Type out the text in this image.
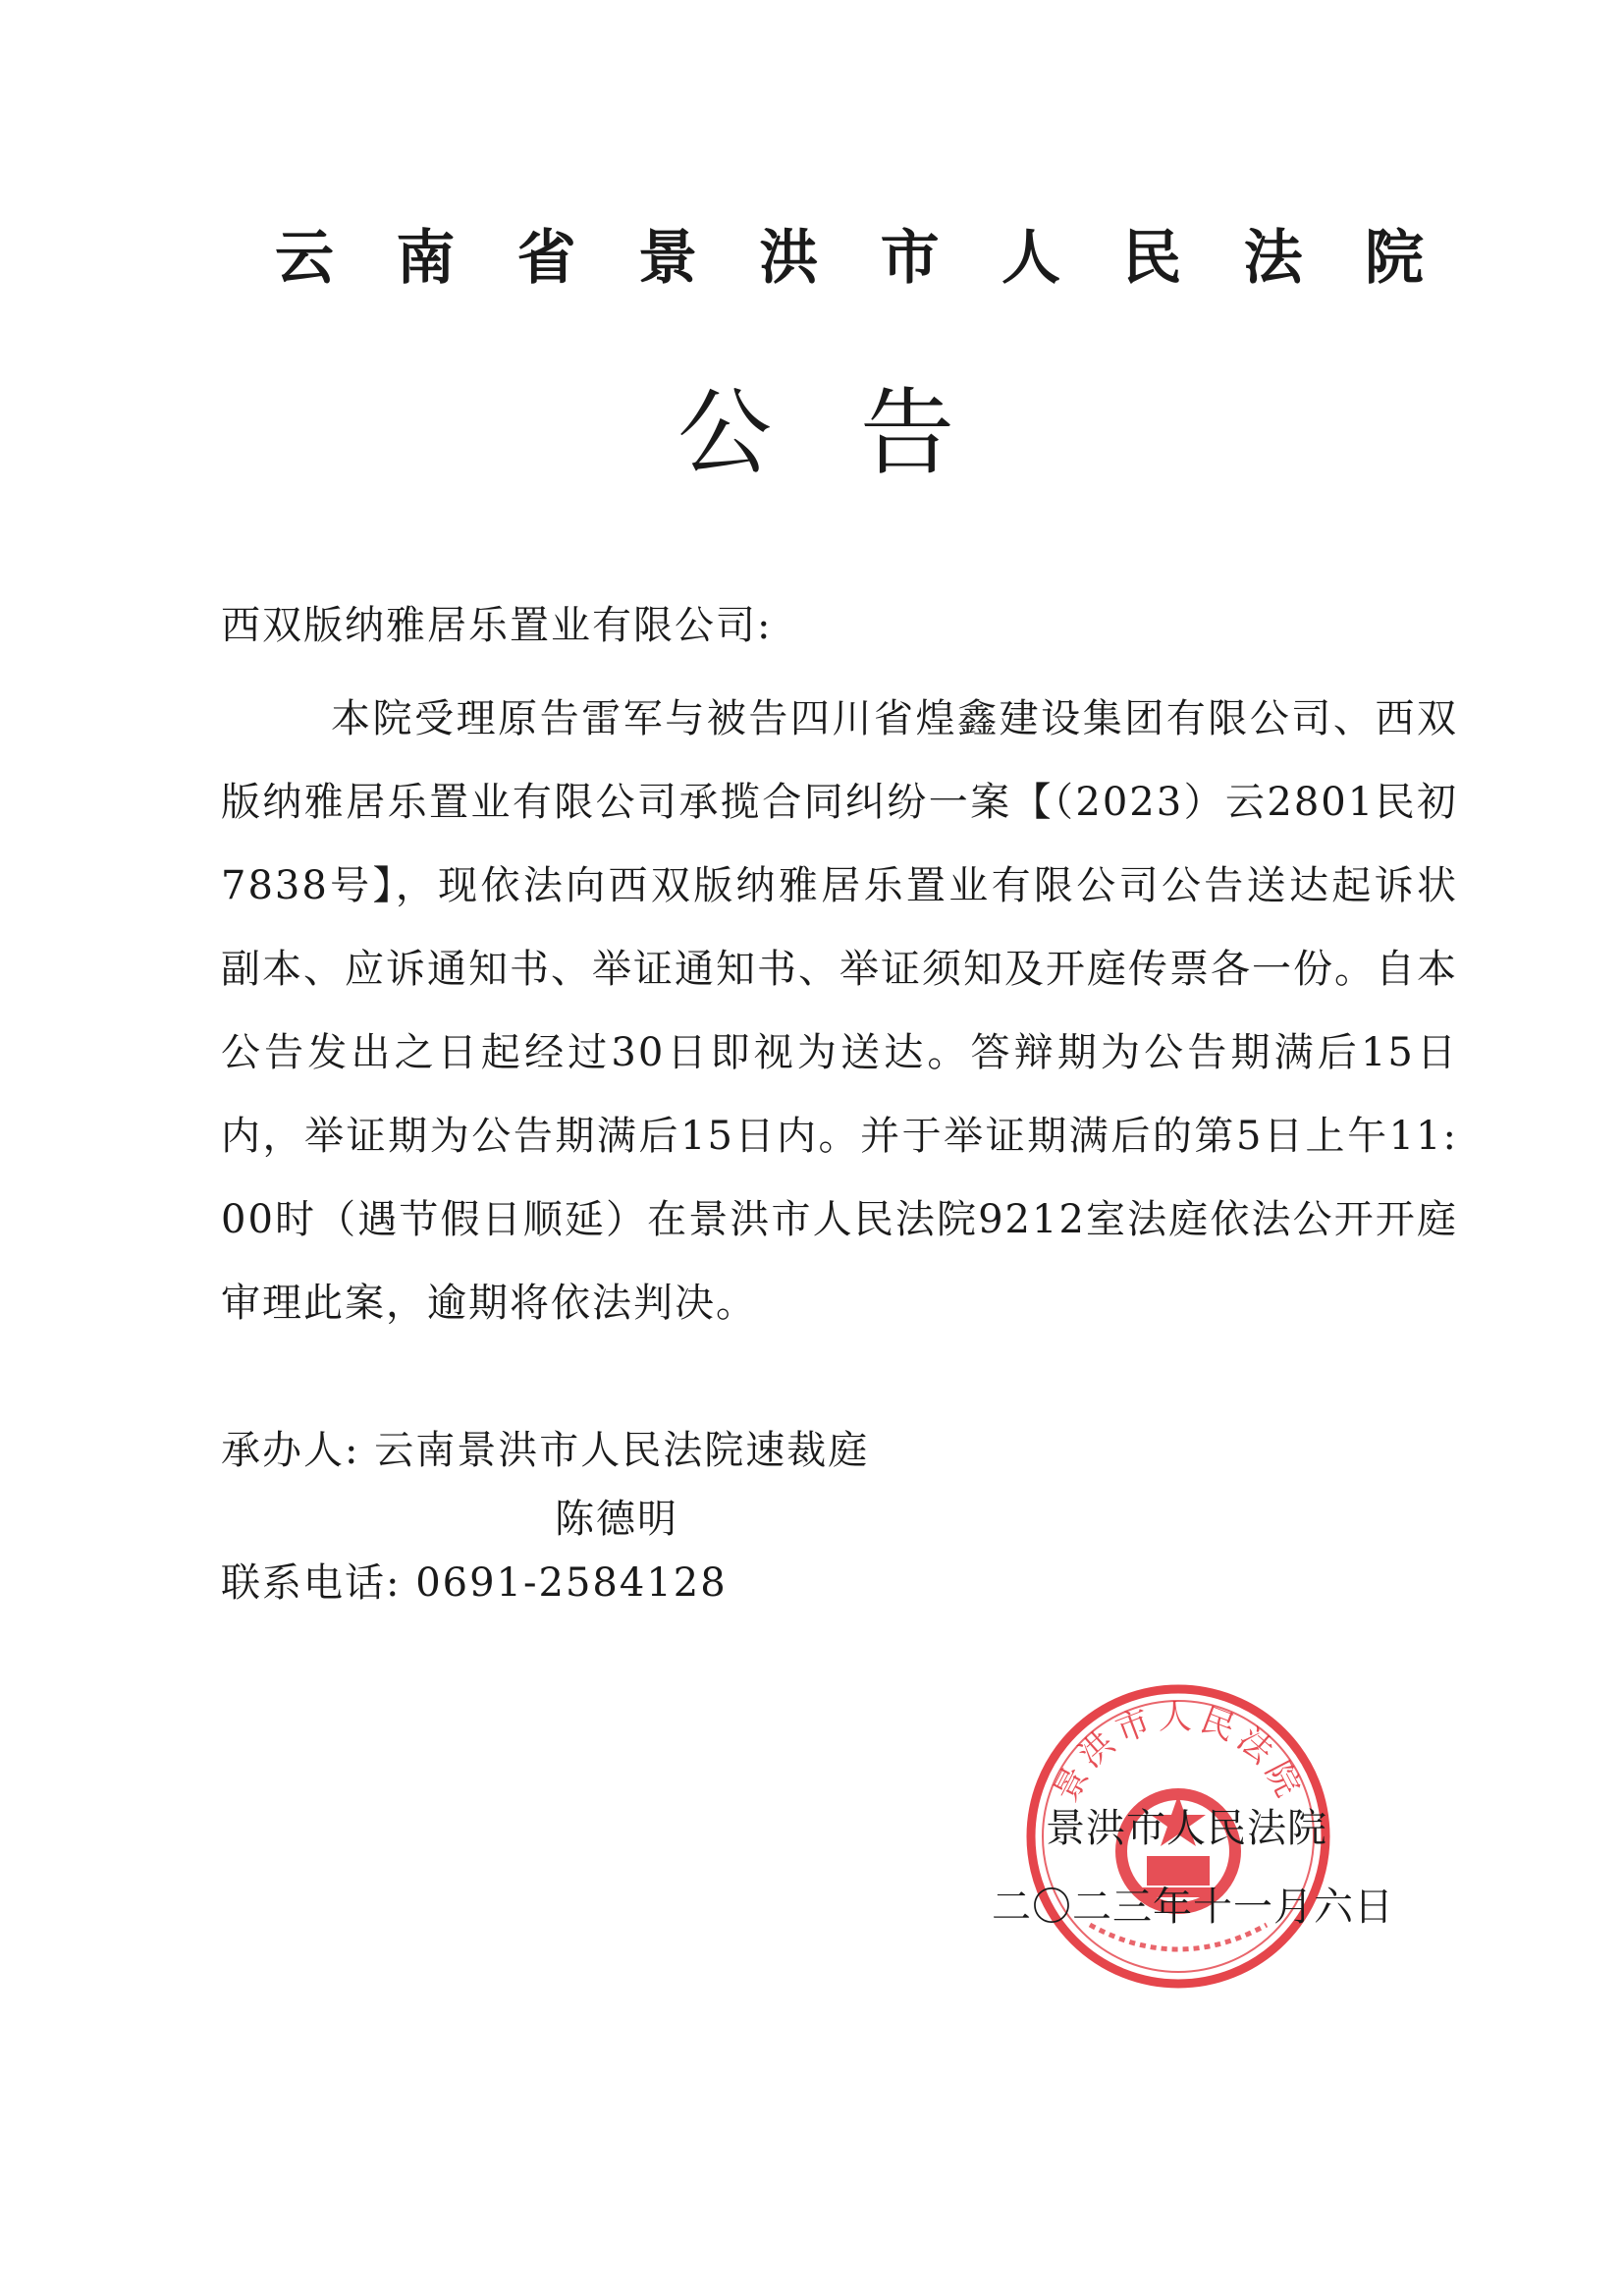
云 南 省 景 洪 市 人 民 法 院
公告
西双版纳雅居乐置业有限公司:

本院受理原告雷军与被告四川省煌鑫建设集团有限公司、西双版纳雅居乐置业有限公司承揽合同纠纷一案【（2023）云2801民初7838号】，现依法向西双版纳雅居乐置业有限公司公告送达起诉状副本、应诉通知书、举证通知书、举证须知及开庭传票各一份。自本公告发出之日起经过30日即视为送达。答辩期为公告期满后15日内，举证期为公告期满后15日内。并于举证期满后的第5日上午11:00时（遇节假日顺延）在景洪市人民法院9212室法庭依法公开开庭审理此案，逾期将依法判决。

承办人: 云南景洪市人民法院速裁庭
陈德明
联系电话: 0691-2584128
景洪市人民法院
景洪市人民法院
二〇二三年十一月六日
